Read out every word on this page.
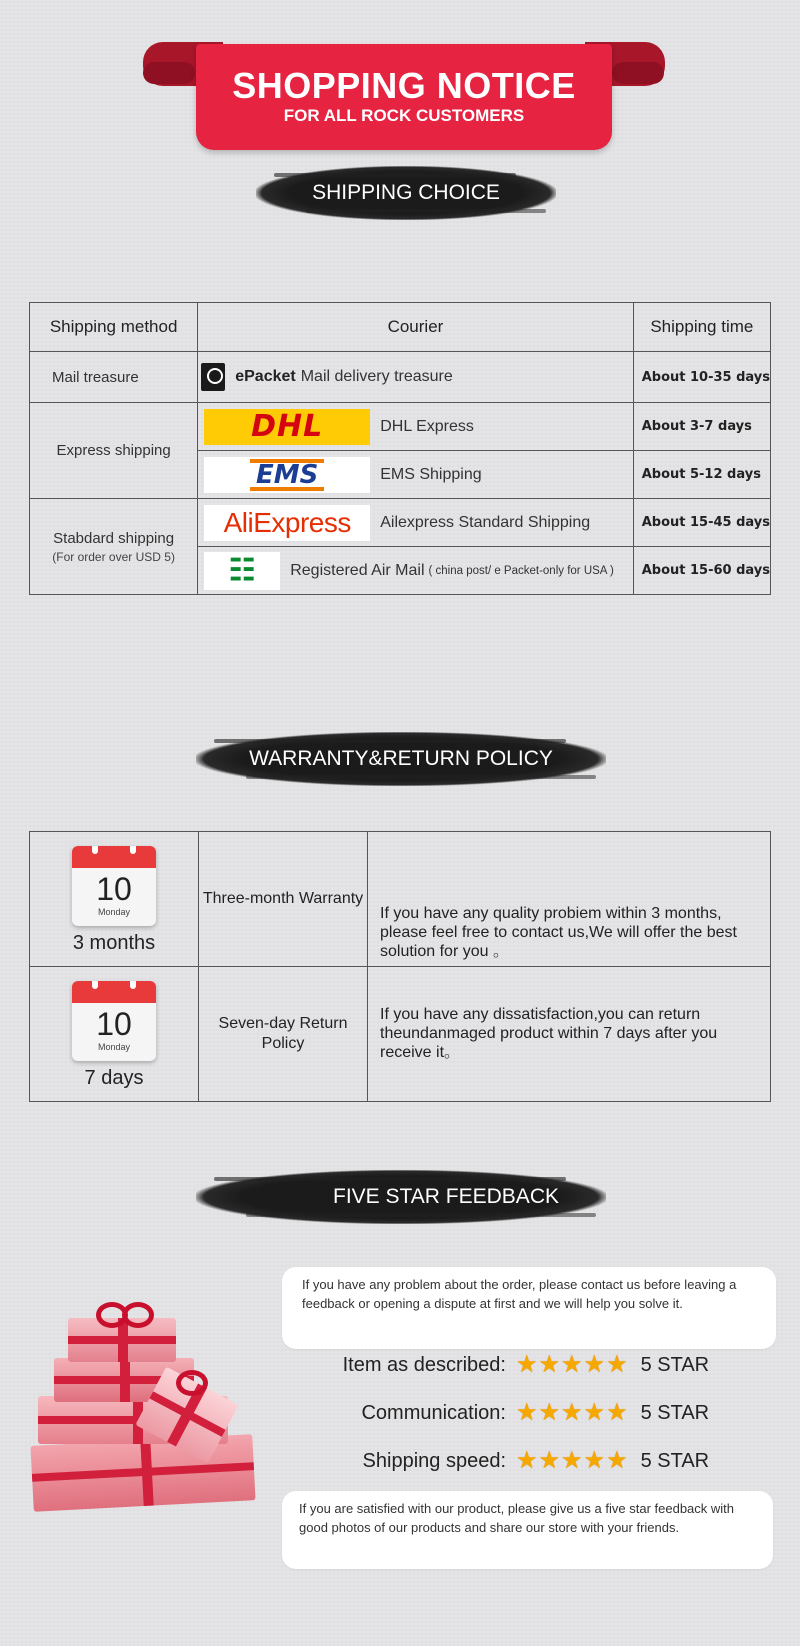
SHOPPING NOTICE
FOR ALL ROCK CUSTOMERS
SHIPPING CHOICE
Shipping method	Courier	Shipping time
Mail treasure	ePacket Mail delivery treasure	About 10-35 days
Express shipping	DHL DHL Express	About 3-7 days

	EMS EMS Shipping	About 5-12 days
Stabdard shipping
(For order over USD 5)	AliExpress Ailexpress Standard Shipping	About 15-45 days

	☷ Registered Air Mail ( china post/ e Packet-only for USA )	About 15-60 days
WARRANTY&RETURN POLICY
10
Monday
3 months	Three-month Warranty	If you have any quality probiem within 3 months, please feel free to contact us,We will offer the best solution for you 。

10
Monday
7 days	Seven-day Return Policy	If you have any dissatisfaction,you can return theundanmaged product within 7 days after you receive it。
FIVE STAR FEEDBACK
If you have any problem about the order, please contact us before leaving a feedback or opening a dispute at first and we will help you solve it.
Item as described: ★ ★ ★ ★ ★ 5 STAR
Communication: ★ ★ ★ ★ ★ 5 STAR
Shipping speed: ★ ★ ★ ★ ★ 5 STAR
If you are satisfied with our product, please give us a five star feedback with good photos of our products and share our store with your friends.
